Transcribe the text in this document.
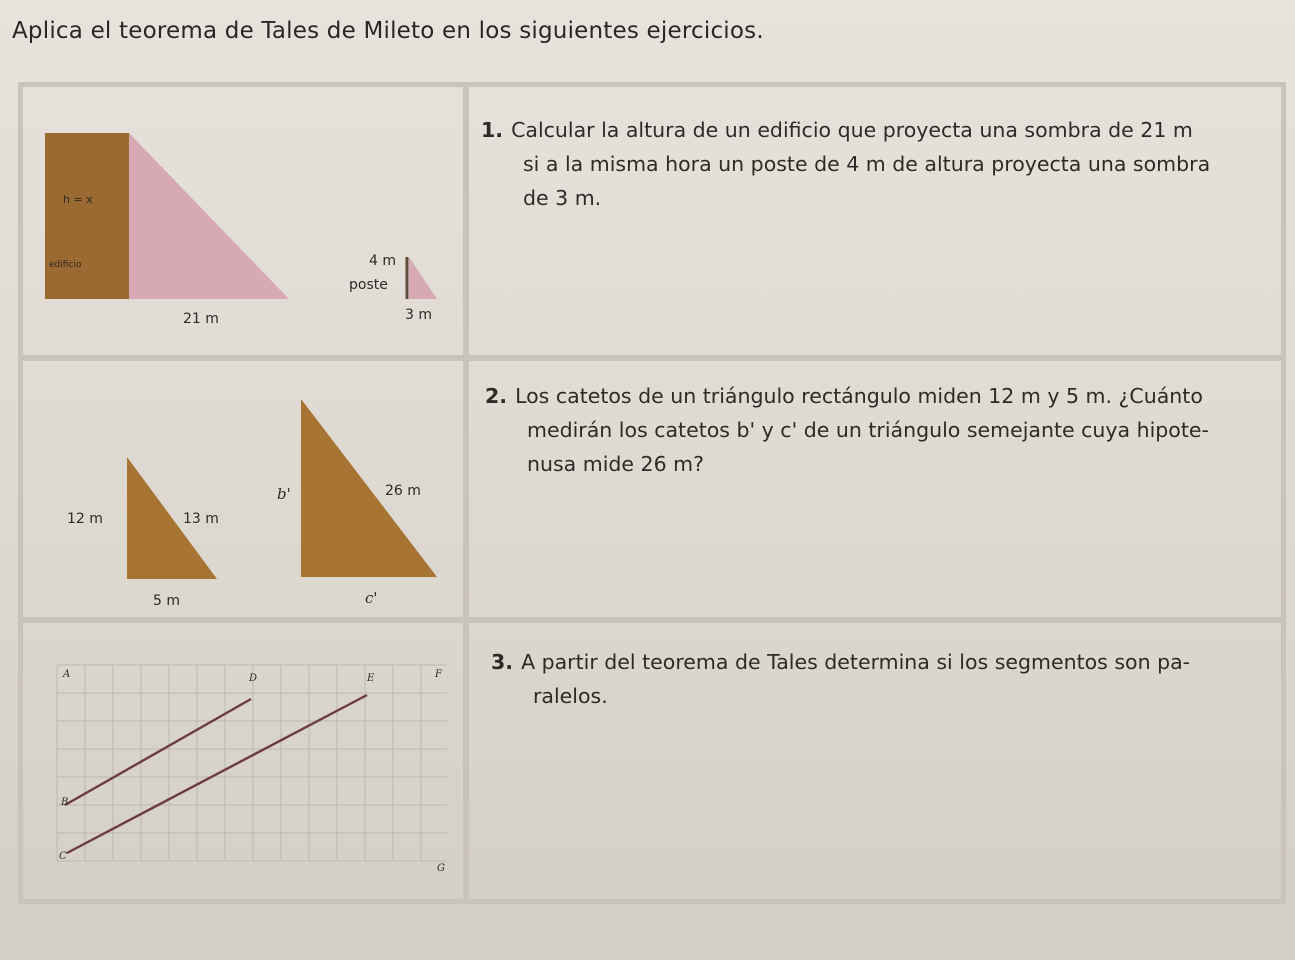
Aplica el teorema de Tales de Mileto en los siguientes ejercicios.
1. Calcular la altura de un edificio que proyecta una sombra de 21 m
si a la misma hora un poste de 4 m de altura proyecta una sombra
de 3 m.
h = x
edificio
21 m
4 m
poste
3 m
2. Los catetos de un triángulo rectángulo miden 12 m y 5 m. ¿Cuánto
medirán los catetos b' y c' de un triángulo semejante cuya hipote-
nusa mide 26 m?
12 m	13 m
5 m
b'	26 m
c'
3. A partir del teorema de Tales determina si los segmentos son pa-
ralelos.
A
B
C
D	E	F
G
